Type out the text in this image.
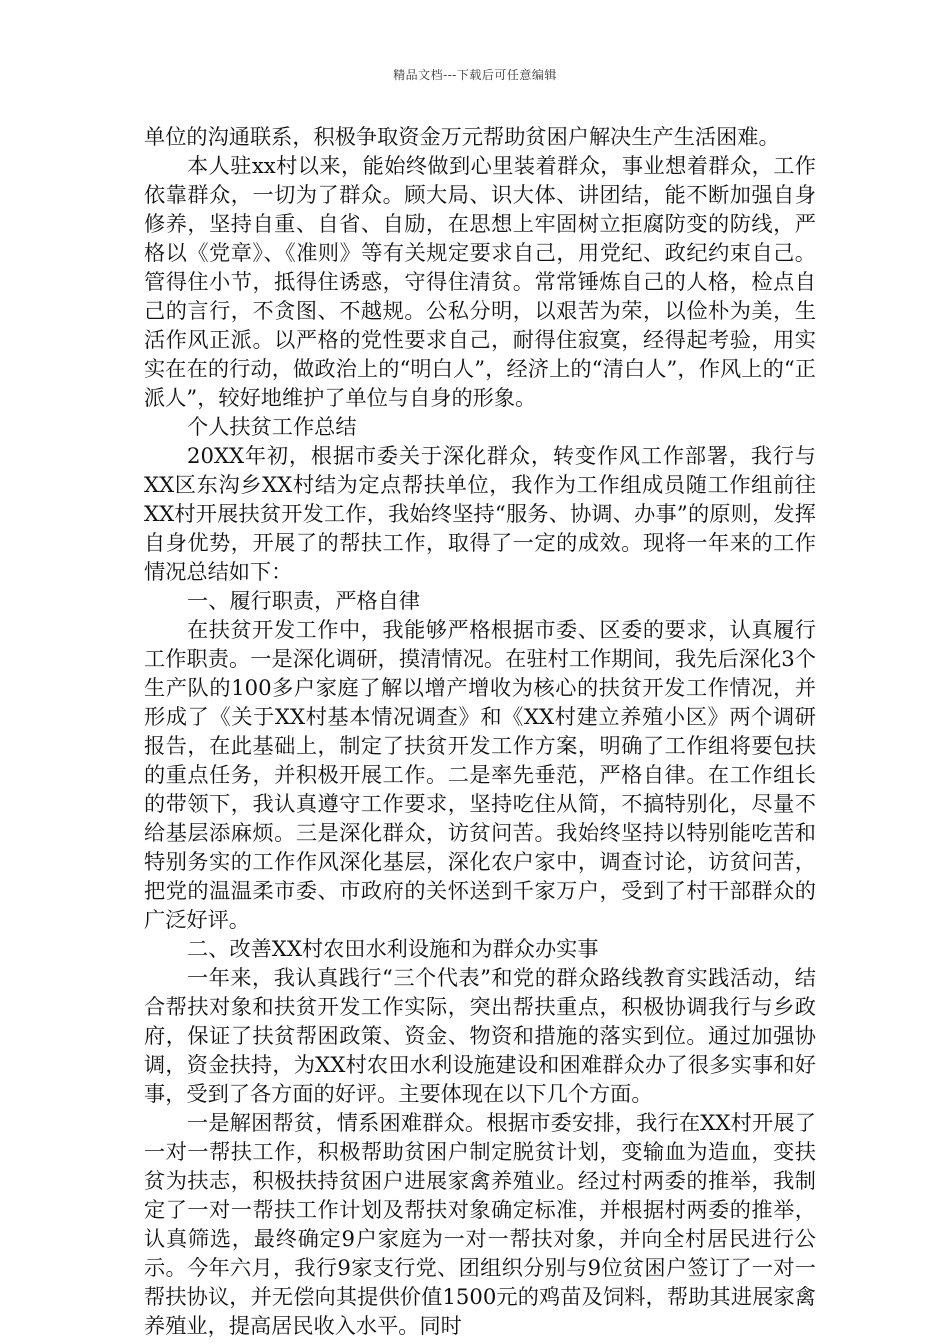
精品文档---下载后可任意编辑

单位的沟通联系，积极争取资金万元帮助贫困户解决生产生活困难。

本人驻xx村以来，能始终做到心里装着群众，事业想着群众，工作依靠群众，一切为了群众。顾大局、识大体、讲团结，能不断加强自身修养，坚持自重、自省、自励，在思想上牢固树立拒腐防变的防线，严格以《党章》、《准则》等有关规定要求自己，用党纪、政纪约束自己。管得住小节，抵得住诱惑，守得住清贫。常常锤炼自己的人格，检点自己的言行，不贪图、不越规。公私分明，以艰苦为荣，以俭朴为美，生活作风正派。以严格的党性要求自己，耐得住寂寞，经得起考验，用实实在在的行动，做政治上的“明白人”，经济上的“清白人”，作风上的“正派人”，较好地维护了单位与自身的形象。

个人扶贫工作总结

20XX年初，根据市委关于深化群众，转变作风工作部署，我行与XX区东沟乡XX村结为定点帮扶单位，我作为工作组成员随工作组前往XX村开展扶贫开发工作，我始终坚持“服务、协调、办事”的原则，发挥自身优势，开展了的帮扶工作，取得了一定的成效。现将一年来的工作情况总结如下：

一、履行职责，严格自律

在扶贫开发工作中，我能够严格根据市委、区委的要求，认真履行工作职责。一是深化调研，摸清情况。在驻村工作期间，我先后深化3个生产队的100多户家庭了解以增产增收为核心的扶贫开发工作情况，并形成了《关于XX村基本情况调查》和《XX村建立养殖小区》两个调研报告，在此基础上，制定了扶贫开发工作方案，明确了工作组将要包扶的重点任务，并积极开展工作。二是率先垂范，严格自律。在工作组长的带领下，我认真遵守工作要求，坚持吃住从简，不搞特别化，尽量不给基层添麻烦。三是深化群众，访贫问苦。我始终坚持以特别能吃苦和特别务实的工作作风深化基层，深化农户家中，调查讨论，访贫问苦，把党的温温柔市委、市政府的关怀送到千家万户，受到了村干部群众的广泛好评。

二、改善XX村农田水利设施和为群众办实事

一年来，我认真践行“三个代表”和党的群众路线教育实践活动，结合帮扶对象和扶贫开发工作实际，突出帮扶重点，积极协调我行与乡政府，保证了扶贫帮困政策、资金、物资和措施的落实到位。通过加强协调，资金扶持，为XX村农田水利设施建设和困难群众办了很多实事和好事，受到了各方面的好评。主要体现在以下几个方面。

一是解困帮贫，情系困难群众。根据市委安排，我行在XX村开展了一对一帮扶工作，积极帮助贫困户制定脱贫计划，变输血为造血，变扶贫为扶志，积极扶持贫困户进展家禽养殖业。经过村两委的推举，我制定了一对一帮扶工作计划及帮扶对象确定标准，并根据村两委的推举，认真筛选，最终确定9户家庭为一对一帮扶对象，并向全村居民进行公示。今年六月，我行9家支行党、团组织分别与9位贫困户签订了一对一帮扶协议，并无偿向其提供价值1500元的鸡苗及饲料，帮助其进展家禽养殖业，提高居民收入水平。同时
